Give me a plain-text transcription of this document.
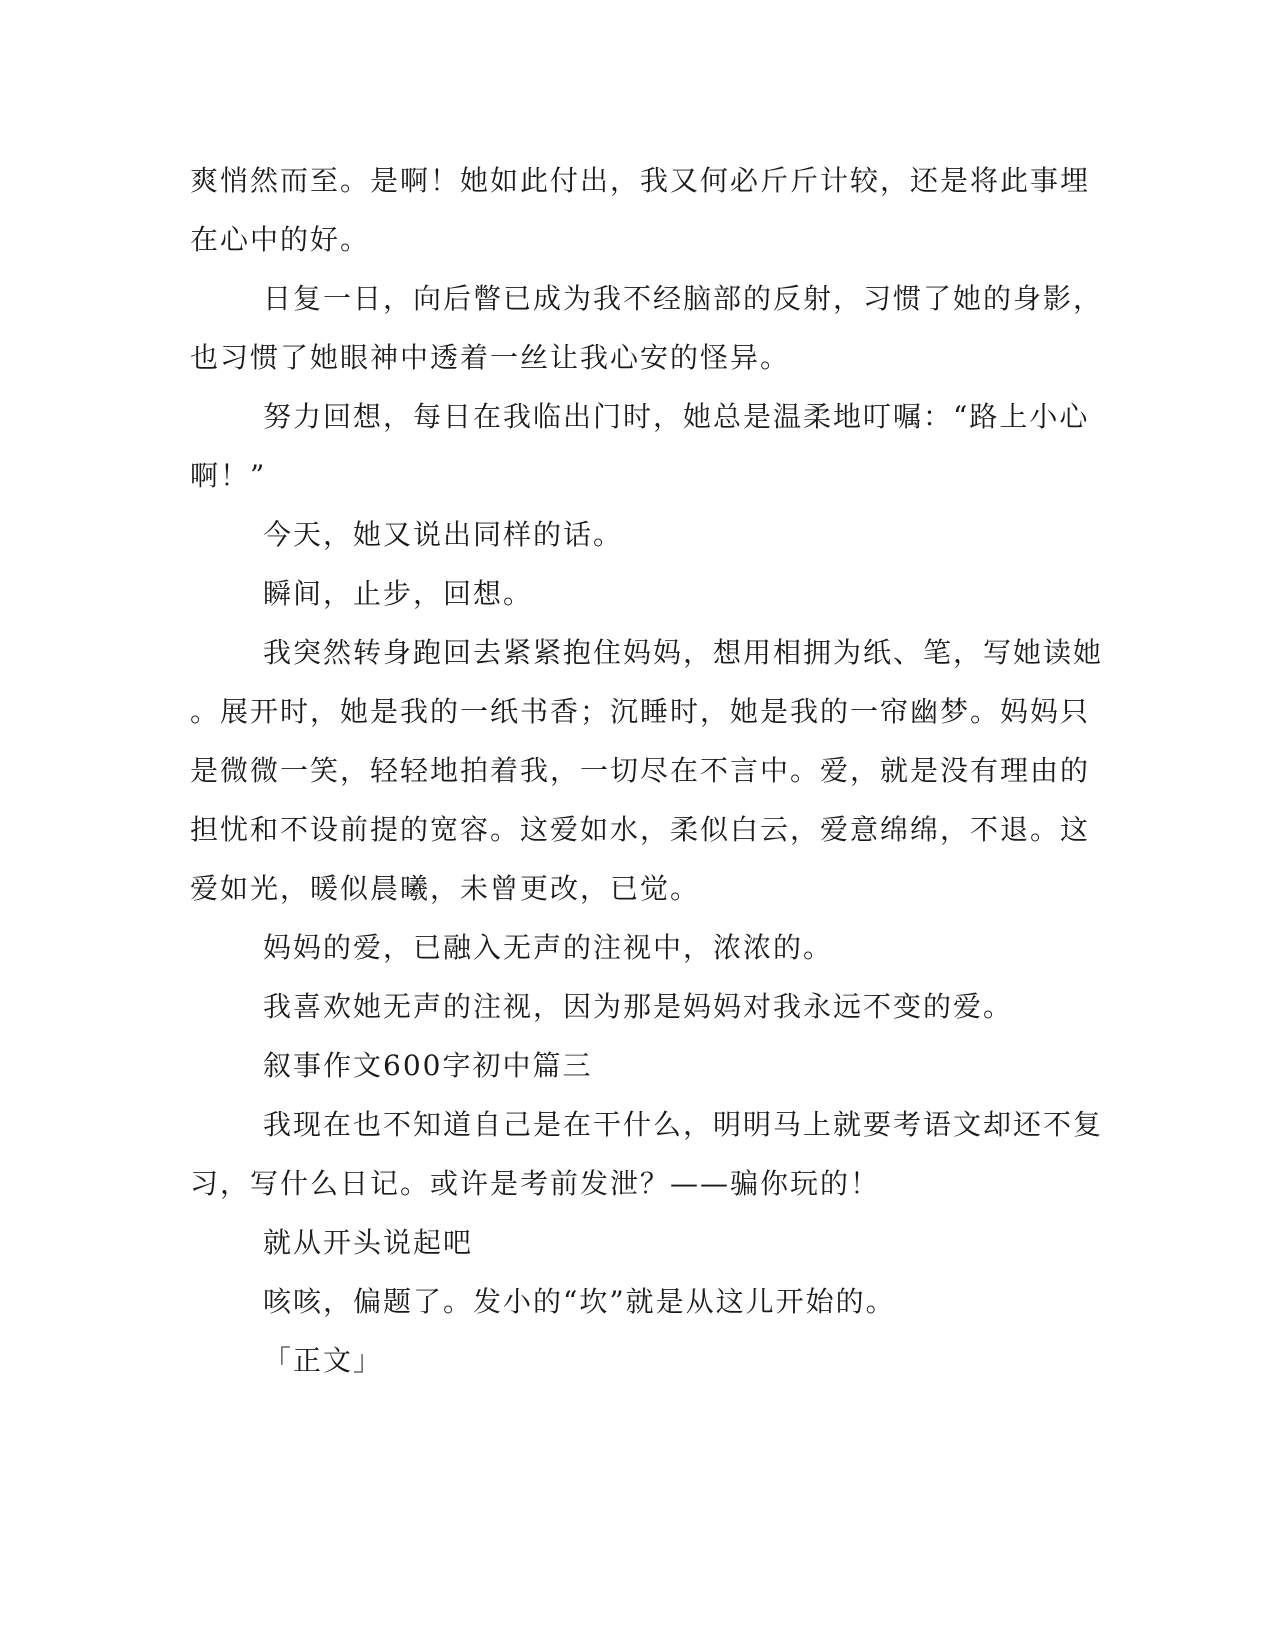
爽悄然而至。是啊！她如此付出，我又何必斤斤计较，还是将此事埋
在心中的好。
日复一日，向后瞥已成为我不经脑部的反射，习惯了她的身影，
也习惯了她眼神中透着一丝让我心安的怪异。
努力回想，每日在我临出门时，她总是温柔地叮嘱：“路上小心
啊！”
今天，她又说出同样的话。
瞬间，止步，回想。
我突然转身跑回去紧紧抱住妈妈，想用相拥为纸、笔，写她读她
。展开时，她是我的一纸书香；沉睡时，她是我的一帘幽梦。妈妈只
是微微一笑，轻轻地拍着我，一切尽在不言中。爱，就是没有理由的
担忧和不设前提的宽容。这爱如水，柔似白云，爱意绵绵，不退。这
爱如光，暖似晨曦，未曾更改，已觉。
妈妈的爱，已融入无声的注视中，浓浓的。
我喜欢她无声的注视，因为那是妈妈对我永远不变的爱。
叙事作文600字初中篇三
我现在也不知道自己是在干什么，明明马上就要考语文却还不复
习，写什么日记。或许是考前发泄？——骗你玩的！
就从开头说起吧
咳咳，偏题了。发小的“坎”就是从这儿开始的。
「正文」
